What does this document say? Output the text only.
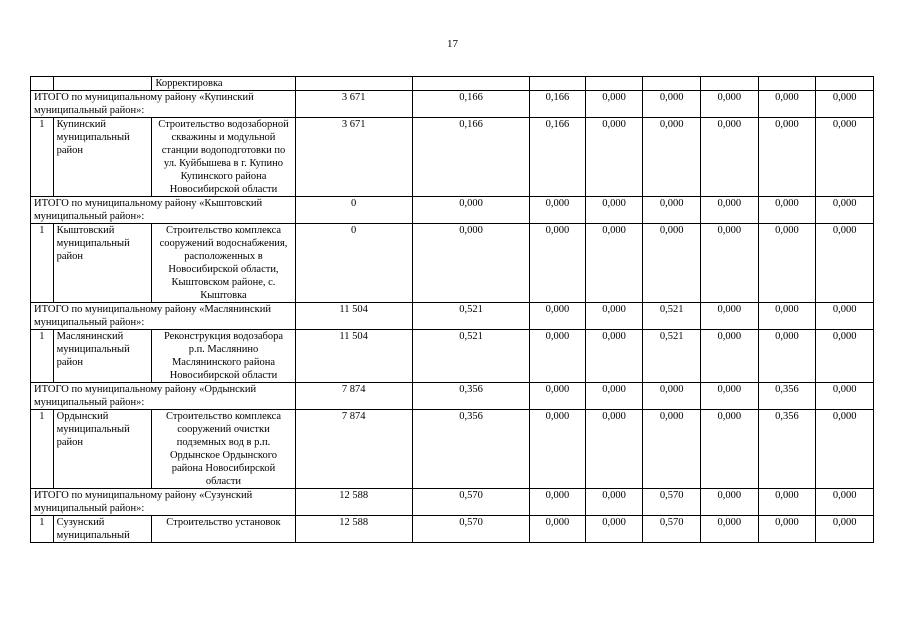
17
		Корректировка								
ИТОГО по муниципальному району «Купинский муниципальный район»:			3 671	0,166	0,166	0,000	0,000	0,000	0,000	0,000
1	Купинский муниципальный район	Строительство водозаборной скважины и модульной станции водоподготовки по ул. Куйбышева в г. Купино Купинского района Новосибирской области	3 671	0,166	0,166	0,000	0,000	0,000	0,000	0,000
ИТОГО по муниципальному району «Кыштовский муниципальный район»:			0	0,000	0,000	0,000	0,000	0,000	0,000	0,000
1	Кыштовский муниципальный район	Строительство комплекса сооружений водоснабжения, расположенных в Новосибирской области, Кыштовском районе, с. Кыштовка	0	0,000	0,000	0,000	0,000	0,000	0,000	0,000
ИТОГО по муниципальному району «Маслянинский муниципальный район»:			11 504	0,521	0,000	0,000	0,521	0,000	0,000	0,000
1	Маслянинский муниципальный район	Реконструкция водозабора р.п. Маслянино Маслянинского района Новосибирской области	11 504	0,521	0,000	0,000	0,521	0,000	0,000	0,000
ИТОГО по муниципальному району «Ордынский муниципальный район»:			7 874	0,356	0,000	0,000	0,000	0,000	0,356	0,000
1	Ордынский муниципальный район	Строительство комплекса сооружений очистки подземных вод в р.п. Ордынское Ордынского района Новосибирской области	7 874	0,356	0,000	0,000	0,000	0,000	0,356	0,000
ИТОГО по муниципальному району «Сузунский муниципальный район»:			12 588	0,570	0,000	0,000	0,570	0,000	0,000	0,000
1	Сузунский муниципальный	Строительство установок	12 588	0,570	0,000	0,000	0,570	0,000	0,000	0,000
